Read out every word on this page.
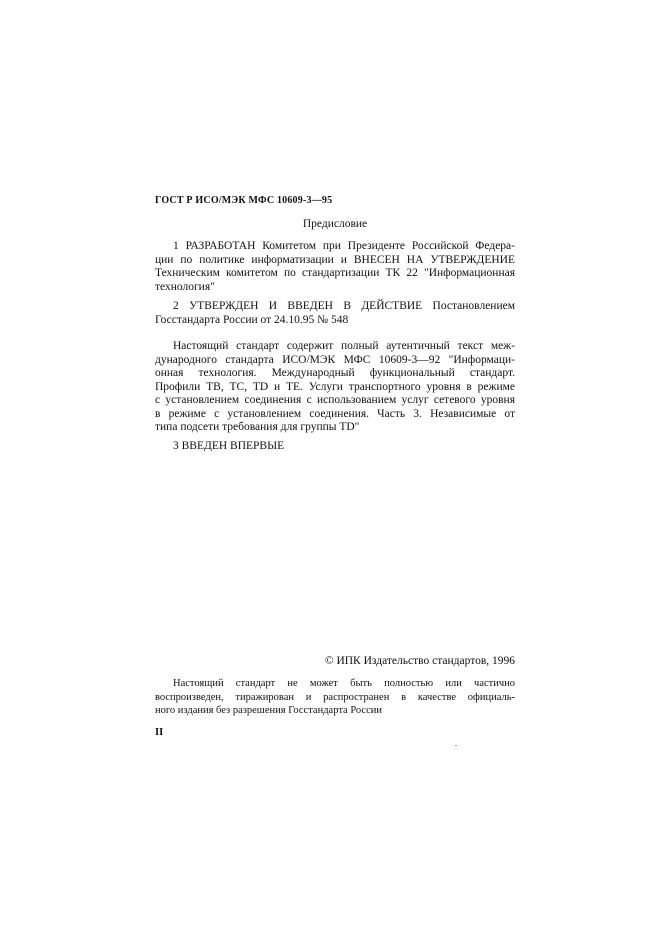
ГОСТ Р ИСО/МЭК МФС 10609-3—95
Предисловие
1 РАЗРАБОТАН Комитетом при Президенте Российской Федера-
ции по политике информатизации и ВНЕСЕН НА УТВЕРЖДЕНИЕ
Техническим комитетом по стандартизации ТК 22 "Информационная
технология"
2 УТВЕРЖДЕН И ВВЕДЕН В ДЕЙСТВИЕ Постановлением
Госстандарта России от 24.10.95 № 548
Настоящий стандарт содержит полный аутентичный текст меж-
дународного стандарта ИСО/МЭК МФС 10609-3—92 "Информаци-
онная технология. Международный функциональный стандарт.
Профили ТВ, ТС, TD и ТЕ. Услуги транспортного уровня в режиме
с установлением соединения с использованием услуг сетевого уровня
в режиме с установлением соединения. Часть 3. Независимые от
типа подсети требования для группы TD"
3 ВВЕДЕН ВПЕРВЫЕ
© ИПК Издательство стандартов, 1996
Настоящий стандарт не может быть полностью или частично
воспроизведен, тиражирован и распространен в качестве официаль-
ного издания без разрешения Госстандарта России
II
